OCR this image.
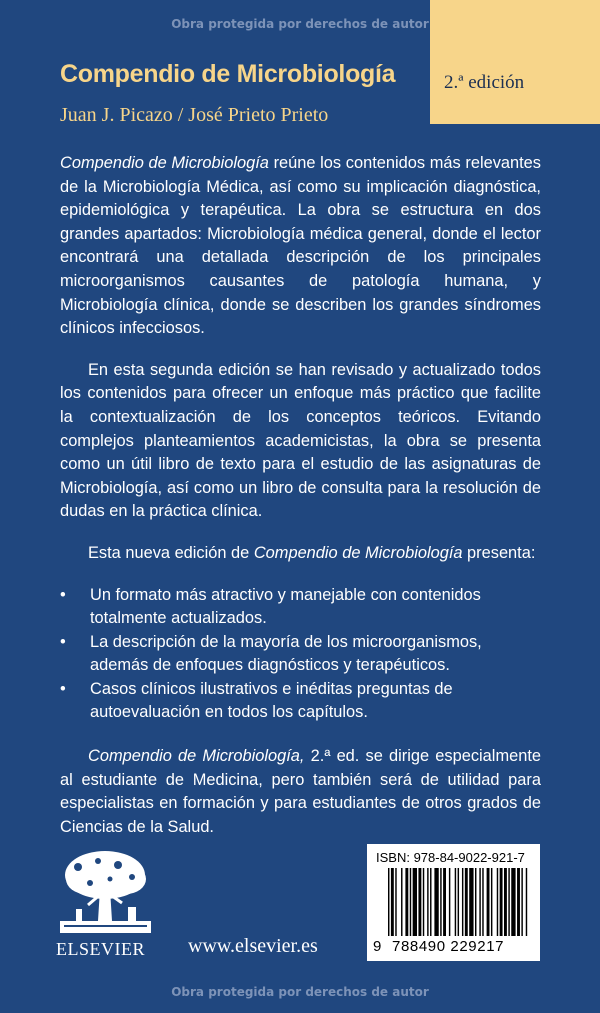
Obra protegida por derechos de autor
2.ª edición
Compendio de Microbiología
Juan J. Picazo / José Prieto Prieto

Compendio de Microbiología reúne los contenidos más relevantes de la Microbiología Médica, así como su implicación diagnóstica, epidemiológica y terapéutica. La obra se estructura en dos grandes apartados: Microbiología médica general, donde el lector encontrará una detallada descripción de los principales microorganismos causantes de patología humana, y Microbiología clínica, donde se describen los grandes síndromes clínicos infecciosos.

En esta segunda edición se han revisado y actualizado todos los contenidos para ofrecer un enfoque más práctico que facilite la contextualización de los conceptos teóricos. Evitando complejos planteamientos academicistas, la obra se presenta como un útil libro de texto para el estudio de las asignaturas de Microbiología, así como un libro de consulta para la resolución de dudas en la práctica clínica.

Esta nueva edición de Compendio de Microbiología presenta:

• Un formato más atractivo y manejable con contenidos totalmente actualizados.
• La descripción de la mayoría de los microorganismos, además de enfoques diagnósticos y terapéuticos.
• Casos clínicos ilustrativos e inéditas preguntas de autoevaluación en todos los capítulos.

Compendio de Microbiología, 2.ª ed. se dirige especialmente al estudiante de Medicina, pero también será de utilidad para especialistas en formación y para estudiantes de otros grados de Ciencias de la Salud.

ELSEVIER www.elsevier.es
ISBN: 978-84-9022-921-7
9 788490 229217
Obra protegida por derechos de autor
